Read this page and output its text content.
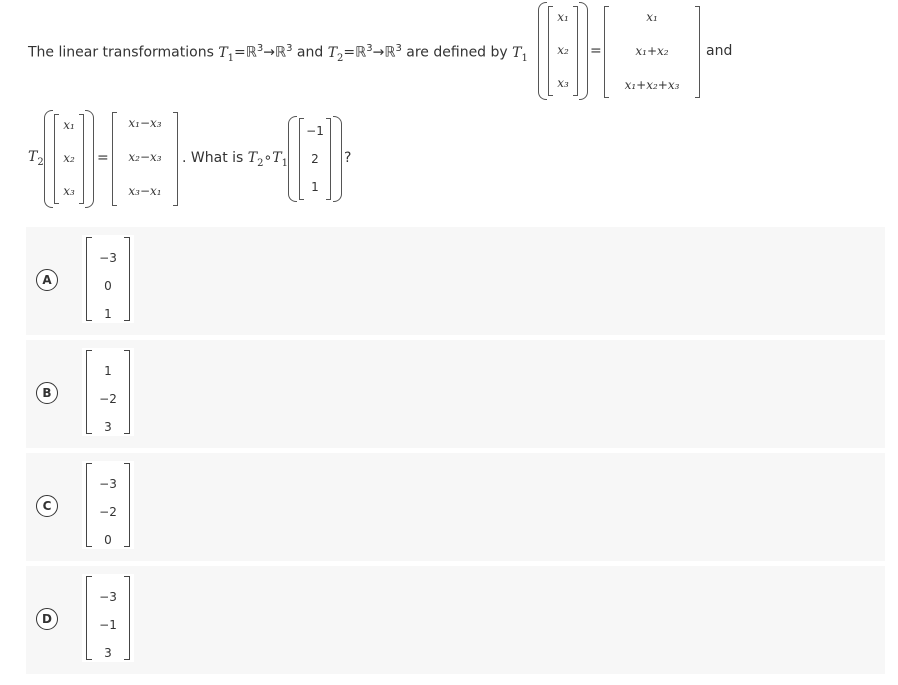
The linear transformations $T_1=ℝ^3\to ℝ^3$ and $T_2=ℝ^3\to ℝ^3$ are defined by $T_1$
x₁
x₂
x₃
=
x₁
x₁+x₂
x₁+x₂+x₃
and
$T_2$
x₁
x₂
x₃
=
x₁−x₃
x₂−x₃
x₃−x₁
. What is $T_2\circ T_1$
−1
2
1
?
A
−3
0
1
B
1
−2
3
C
−3
−2
0
D
−3
−1
3
